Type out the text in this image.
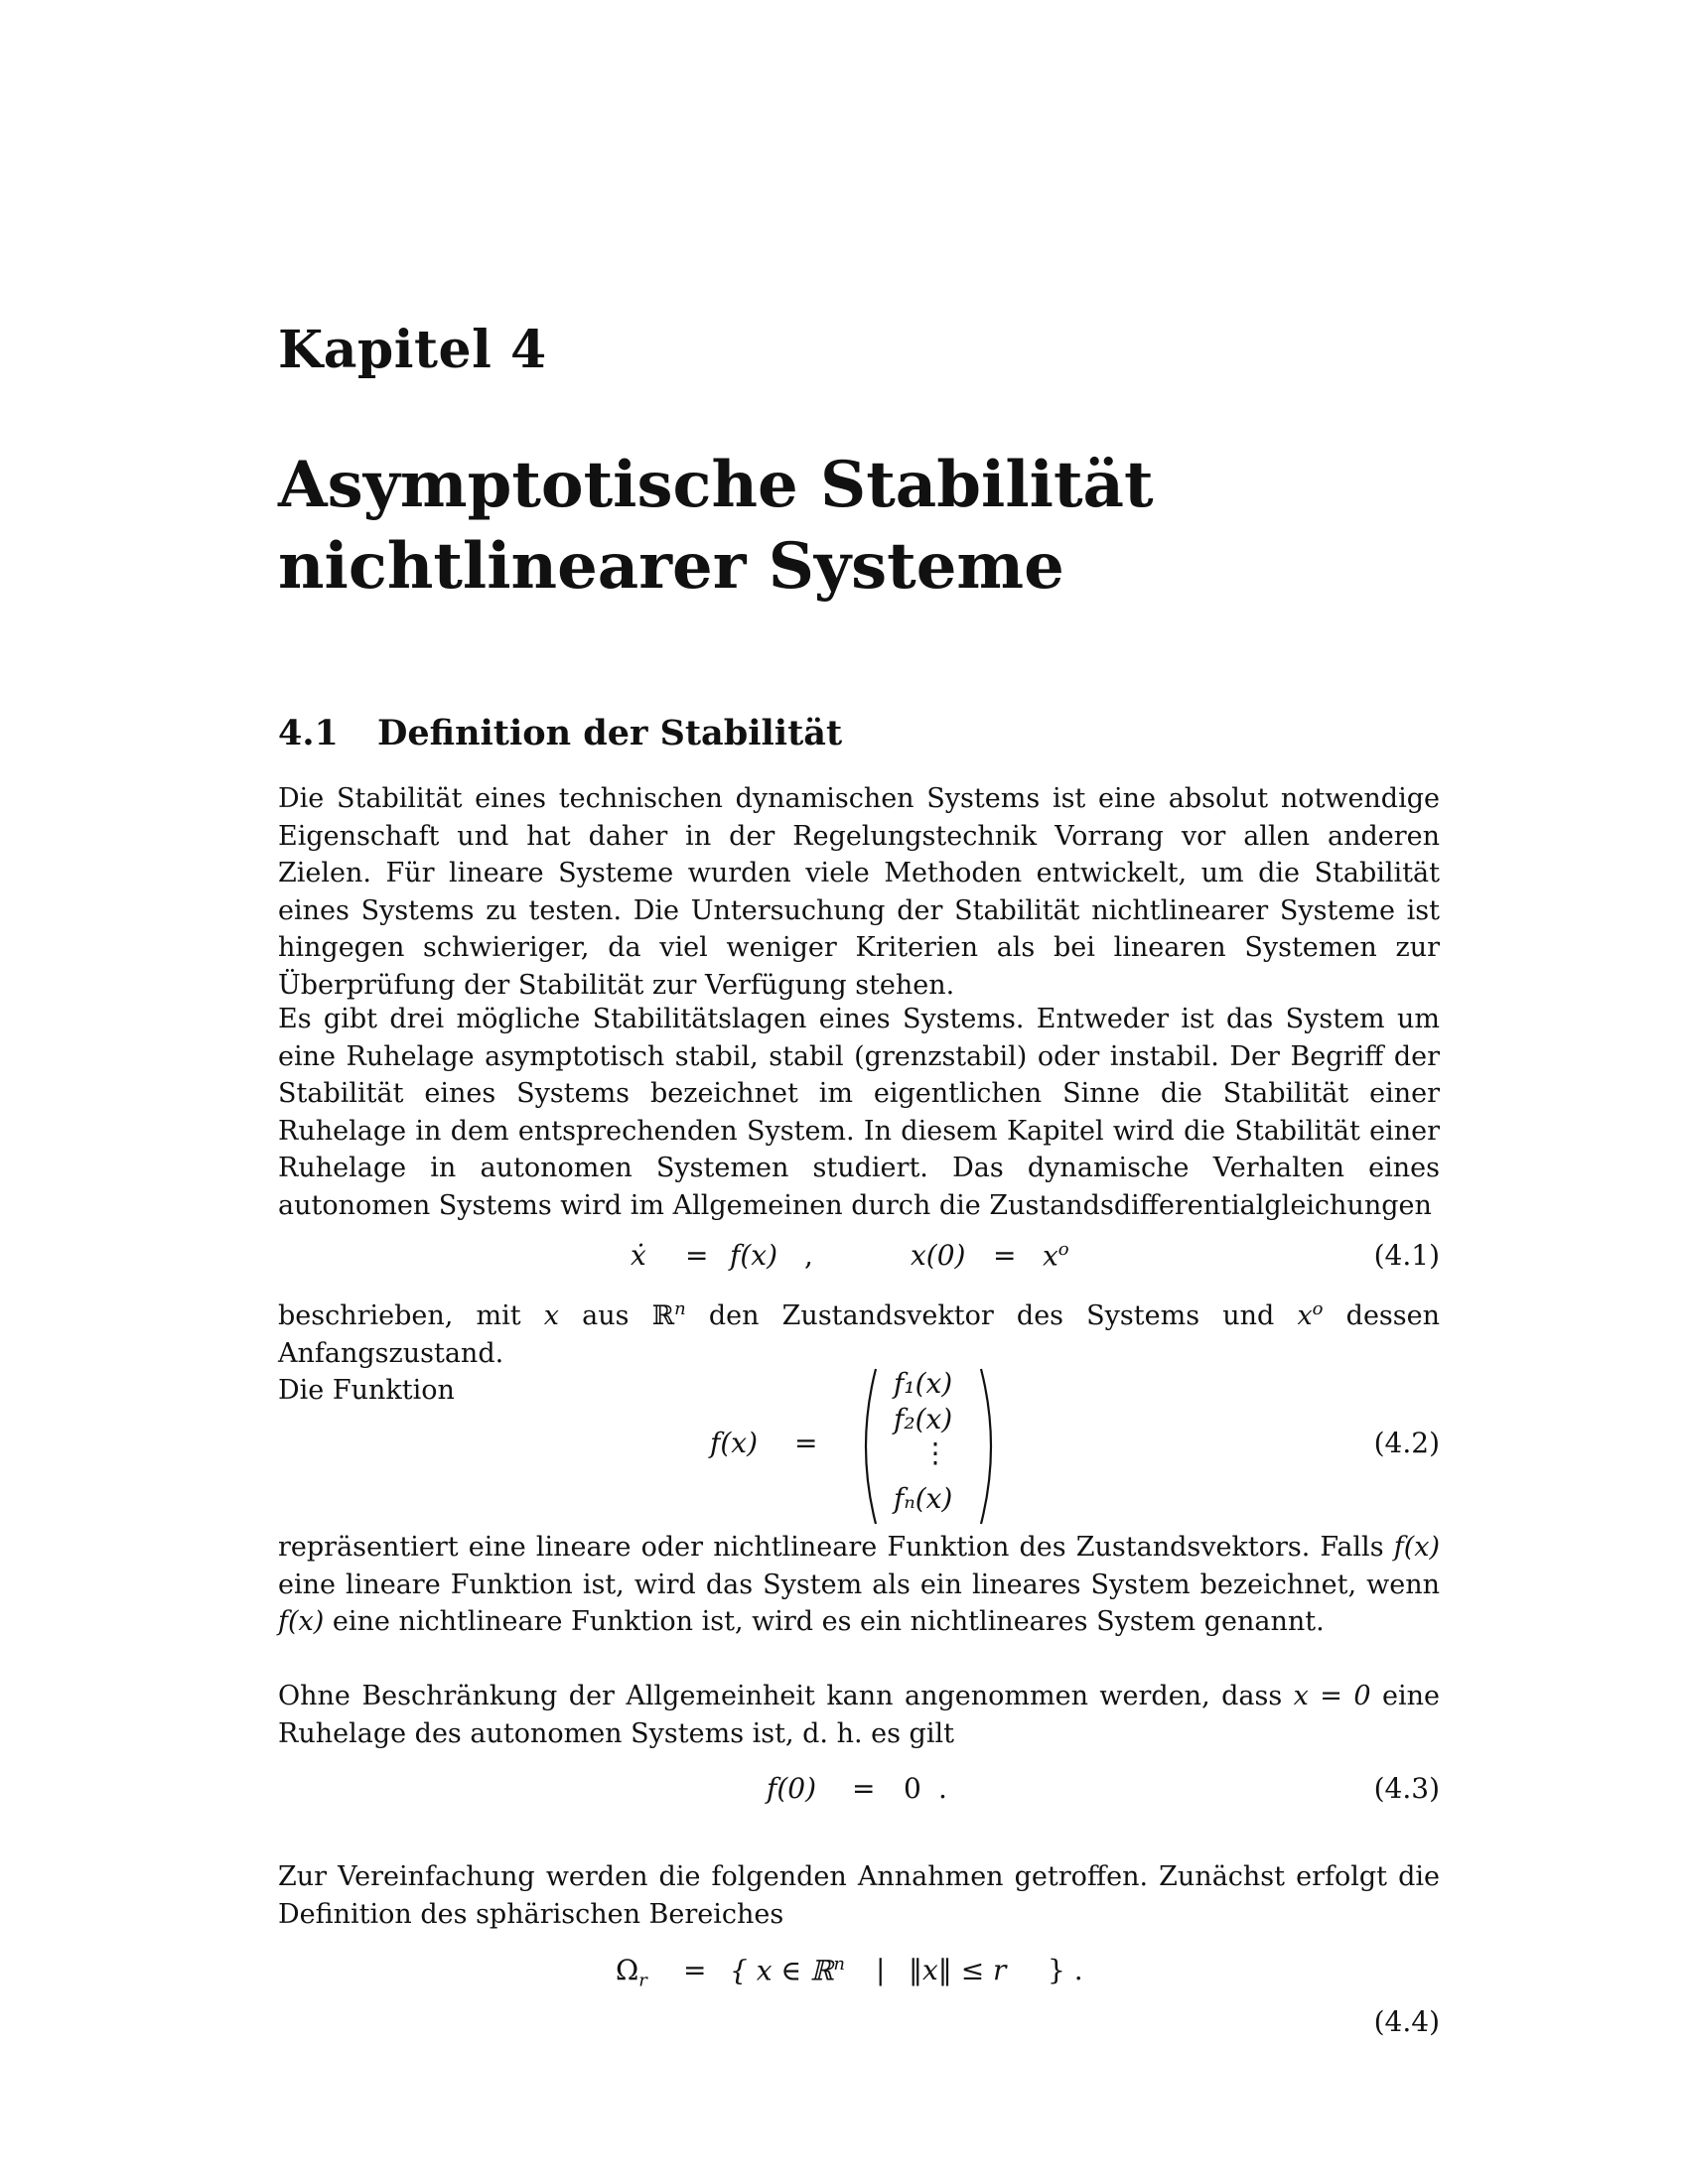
Kapitel 4
Asymptotische Stabilität
nichtlinearer Systeme
4.1 Definition der Stabilität

Die Stabilität eines technischen dynamischen Systems ist eine absolut notwendige Eigenschaft und hat daher in der Regelungstechnik Vorrang vor allen anderen Zielen. Für lineare Systeme wurden viele Methoden entwickelt, um die Stabilität eines Systems zu testen. Die Untersuchung der Stabilität nichtlinearer Systeme ist hingegen schwieriger, da viel weniger Kriterien als bei linearen Systemen zur Überprüfung der Stabilität zur Verfügung stehen.

Es gibt drei mögliche Stabilitätslagen eines Systems. Entweder ist das System um eine Ruhelage asymptotisch stabil, stabil (grenzstabil) oder instabil. Der Begriff der Stabilität eines Systems bezeichnet im eigentlichen Sinne die Stabilität einer Ruhelage in dem entsprechenden System. In diesem Kapitel wird die Stabilität einer Ruhelage in autonomen Systemen studiert. Das dynamische Verhalten eines autonomen Systems wird im Allgemeinen durch die Zustandsdifferentialgleichungen

ẋ = f(x) ,	$x(0) = x^o$	(4.1)

beschrieben, mit x aus ℝ$^n$ den Zustandsvektor des Systems und $x^o$ dessen Anfangszustand.
Die Funktion

f(x) =
f₁(x)
f₂(x)
⋮
fₙ(x)
(4.2)

repräsentiert eine lineare oder nichtlineare Funktion des Zustandsvektors. Falls f(x) eine lineare Funktion ist, wird das System als ein lineares System bezeichnet, wenn f(x) eine nichtlineare Funktion ist, wird es ein nichtlineares System genannt.

Ohne Beschränkung der Allgemeinheit kann angenommen werden, dass x = 0 eine Ruhelage des autonomen Systems ist, d. h. es gilt

f(0) = 0 .	(4.3)

Zur Vereinfachung werden die folgenden Annahmen getroffen. Zunächst erfolgt die Definition des sphärischen Bereiches

$\Omega_r$ = { x ∈ ℝ$^n$ | ‖x‖ ≤ r } .
(4.4)
